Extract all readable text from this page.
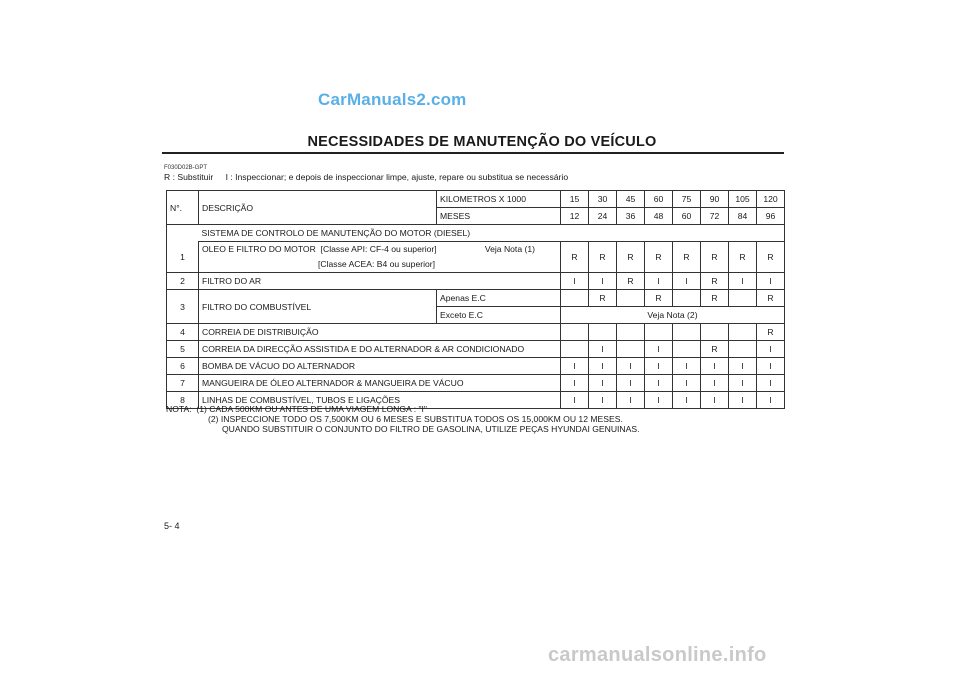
CarManuals2.com
NECESSIDADES DE MANUTENÇÃO DO VEÍCULO
F030D02B-GPT
R : Substituir I : Inspeccionar; e depois de inspeccionar limpe, ajuste, repare ou substitua se necessário
N°.	DESCRIÇÃO	KILOMETROS X 1000	15	30	45	60	75	90	105	120
		MESES	12	24	36	48	60	72	84	96
	SISTEMA DE CONTROLO DE MANUTENÇÃO DO MOTOR (DIESEL)									
1	OLEO E FILTRO DO MOTOR [Classe API: CF-4 ou superior] Veja Nota (1)
[Classe ACEA: B4 ou superior]		R	R	R	R	R	R	R	R
2	FILTRO DO AR		I	I	R	I	I	R	I	I
3	FILTRO DO COMBUSTÍVEL	Apenas E.C		R		R		R		R
		Exceto E.C	Veja Nota (2)							
4	CORREIA DE DISTRIBUIÇÃO									R
5	CORREIA DA DIRECÇÃO ASSISTIDA E DO ALTERNADOR & AR CONDICIONADO			I		I		R		I
6	BOMBA DE VÁCUO DO ALTERNADOR		I	I	I	I	I	I	I	I
7	MANGUEIRA DE ÓLEO ALTERNADOR & MANGUEIRA DE VÁCUO		I	I	I	I	I	I	I	I
8	LINHAS DE COMBUSTÍVEL, TUBOS E LIGAÇÕES		I	I	I	I	I	I	I	I
NOTA: (1) CADA 500KM OU ANTES DE UMA VIAGEM LONGA : "I"
(2) INSPECCIONE TODO OS 7,500KM OU 6 MESES E SUBSTITUA TODOS OS 15,000KM OU 12 MESES.
QUANDO SUBSTITUIR O CONJUNTO DO FILTRO DE GASOLINA, UTILIZE PEÇAS HYUNDAI GENUINAS.
5- 4
carmanualsonline.info
